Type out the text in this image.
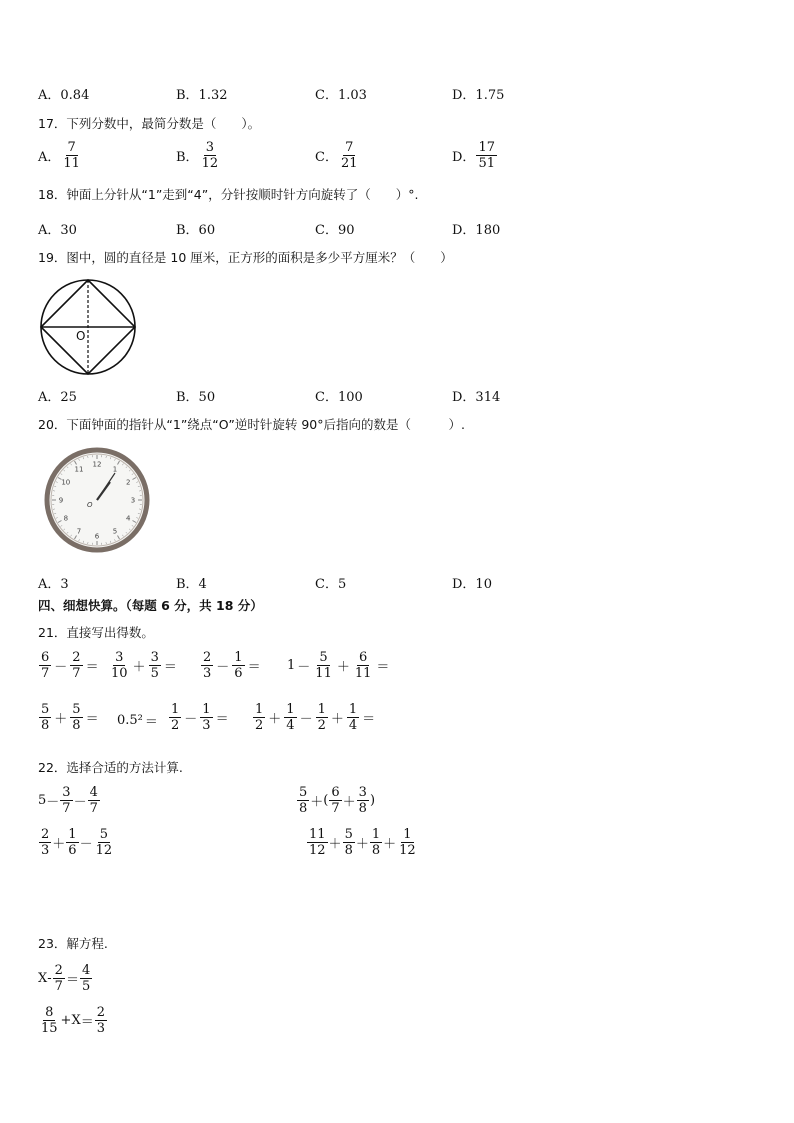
A．0.84	B．1.32	C．1.03	D．1.75
17．下列分数中，最简分数是（　　）。
A． $\frac{7}{11}$	B． $\frac{3}{12}$	C． $\frac{7}{21}$	D． $\frac{17}{51}$
18．钟面上分针从“1”走到“4”，分针按顺时针方向旋转了（　　）°.
A．30	B．60	C．90	D．180
19．图中，圆的直径是 10 厘米，正方形的面积是多少平方厘米？（　　）
O
A．25	B．50	C．100	D．314
20．下面钟面的指针从“1”绕点“O”逆时针旋转 90°后指向的数是（　　　）.
12
1
2
3
4
5
6
7
8
9
10
11
O
A．3	B．4	C．5	D．10
四、细想快算。（每题 6 分，共 18 分）
21．直接写出得数。
$\frac{6}{7} - \frac{2}{7} = \frac{3}{10} + \frac{3}{5} = \frac{2}{3} - \frac{1}{6} = 1 - \frac{5}{11} + \frac{6}{11}$ ＝
$\frac{5}{8} + \frac{5}{8} = 0.5^2 = \frac{1}{2} - \frac{1}{3} = \frac{1}{2} + \frac{1}{4} - \frac{1}{2} + \frac{1}{4}$ ＝
22．选择合适的方法计算.
$5 - \frac{3}{7} - \frac{4}{7}$	$\frac{5}{8}$ ＋ ( $\frac{6}{7} + \frac{3}{8}$ )
$\frac{2}{3} + \frac{1}{6} - \frac{5}{12}$	$\frac{11}{12} + \frac{5}{8} + \frac{1}{8} + \frac{1}{12}$
23．解方程.
$X - \frac{2}{7} = \frac{4}{5}$
$\frac{8}{15} + X = \frac{2}{3}$
